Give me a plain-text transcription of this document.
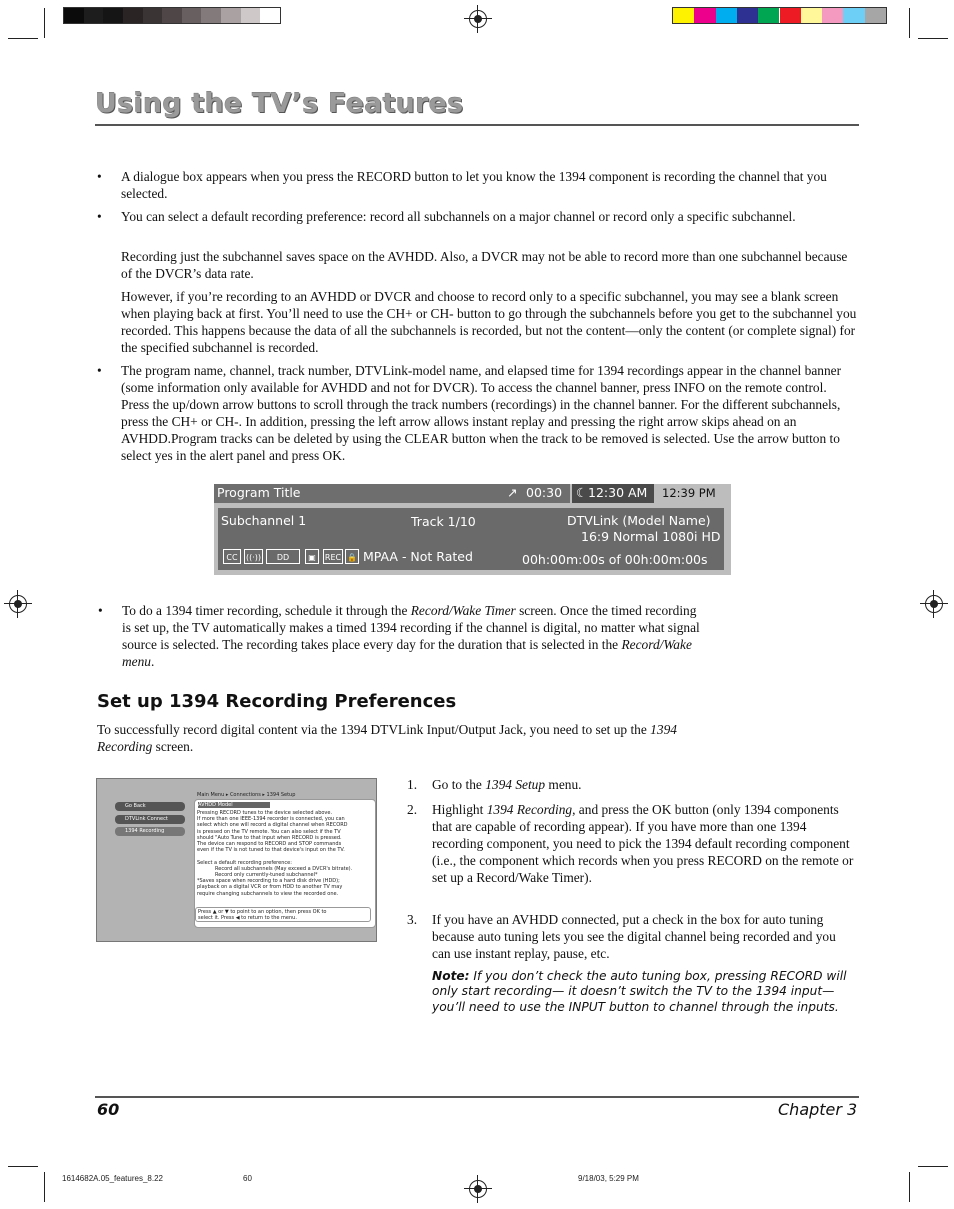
Using the TV’s Features
• A dialogue box appears when you press the RECORD button to let you know the 1394 component is recording the channel that you selected.
• You can select a default recording preference: record all subchannels on a major channel or record only a specific subchannel.
Recording just the subchannel saves space on the AVHDD. Also, a DVCR may not be able to record more than one subchannel because of the DVCR’s data rate.
However, if you’re recording to an AVHDD or DVCR and choose to record only to a specific subchannel, you may see a blank screen when playing back at first. You’ll need to use the CH+ or CH- button to go through the subchannels before you get to the subchannel you recorded. This happens because the data of all the subchannels is recorded, but not the content—only the content (or complete signal) for the specified subchannel is recorded.
• The program name, channel, track number, DTVLink-model name, and elapsed time for 1394 recordings appear in the channel banner (some information only available for AVHDD and not for DVCR). To access the channel banner, press INFO on the remote control. Press the up/down arrow buttons to scroll through the track numbers (recordings) in the channel banner. For the different subchannels, press the CH+ or CH-. In addition, pressing the left arrow allows instant replay and pressing the right arrow skips ahead on an AVHDD.Program tracks can be deleted by using the CLEAR button when the track to be removed is selected. Use the arrow button to select yes in the alert panel and press OK.
Program Title	↗ 00:30 ☾ 12:30 AM 12:39 PM
Subchannel 1	Track 1/10	DTVLink (Model Name)
16:9 Normal 1080i HD
00h:00m:00s of 00h:00m:00s
CC	((·))	DD	▣	REC 🔒 MPAA - Not Rated
• To do a 1394 timer recording, schedule it through the Record/Wake Timer screen. Once the timed recording is set up, the TV automatically makes a timed 1394 recording if the channel is digital, no matter what signal source is selected. The recording takes place every day for the duration that is selected in the Record/Wake menu.
Set up 1394 Recording Preferences
To successfully record digital content via the 1394 DTVLink Input/Output Jack, you need to set up the 1394 Recording screen.
Go Back
DTVLink Connect
1394 Recording
Main Menu ▸ Connections ▸ 1394 Setup
AVHDD Model
Pressing RECORD tunes to the device selected above.
If more than one IEEE-1394 recorder is connected, you can
select which one will record a digital channel when RECORD
is pressed on the TV remote. You can also select if the TV
should "Auto Tune to that input when RECORD is pressed.
The device can respond to RECORD and STOP commands
even if the TV is not tuned to that device's input on the TV.

Select a default recording preference:
Record all subchannels (May exceed a DVCR's bitrate).
Record only currently-tuned subchannel*
*Saves space when recording to a hard disk drive (HDD);
playback on a digital VCR or from HDD to another TV may
require changing subchannels to view the recorded one.
Press ▲ or ▼ to point to an option, then press OK to
select it. Press ◀ to return to the menu.
1. Go to the 1394 Setup menu.
2. Highlight 1394 Recording, and press the OK button (only 1394 components that are capable of recording appear). If you have more than one 1394 recording component, you need to pick the 1394 default recording component (i.e., the component which records when you press RECORD on the remote or set up a Record/Wake Timer).
3. If you have an AVHDD connected, put a check in the box for auto tuning because auto tuning lets you see the digital channel being recorded and you can use instant replay, pause, etc.
Note: If you don’t check the auto tuning box, pressing RECORD will only start recording— it doesn’t switch the TV to the 1394 input—you’ll need to use the INPUT button to channel through the inputs.
60	Chapter 3
1614682A.05_features_8.22	60	9/18/03, 5:29 PM
